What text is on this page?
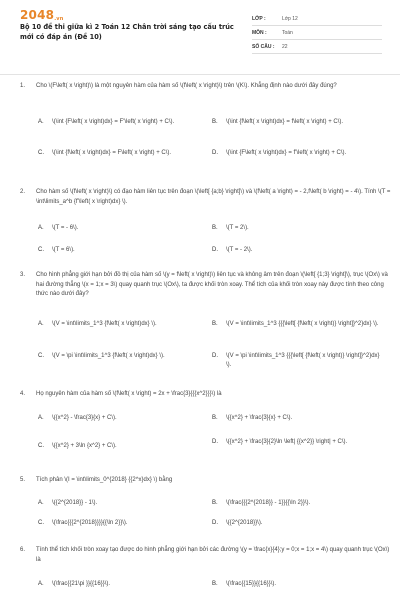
2048.vn
Bộ 10 đề thi giữa kì 2 Toán 12 Chân trời sáng tạo cấu trúc mới có đáp án (Đề 10)
LỚP :	Lớp 12
MÔN :	Toán
SỐ CÂU :	22
1. Cho \(F\left( x \right)\) là một nguyên hàm của hàm số \(f\left( x \right)\) trên \(K\). Khẳng định nào dưới đây đúng?
A. \(\int {F\left( x \right)dx} = F'\left( x \right) + C\).	B. \(\int {f\left( x \right)dx} = f\left( x \right) + C\).
C. \(\int {f\left( x \right)dx} = F\left( x \right) + C\).	D. \(\int {F\left( x \right)dx} = f'\left( x \right) + C\).
2. Cho hàm số \(f\left( x \right)\) có đạo hàm liên tục trên đoạn \(\left[ {a;b} \right]\) và \(f\left( a \right) = - 2,f\left( b \right) = - 4\). Tính \(T = \int\limits_a^b {f'\left( x \right)dx} \).
A. \(T = - 6\).	B. \(T = 2\).
C. \(T = 6\).	D. \(T = - 2\).
3. Cho hình phẳng giới hạn bởi đồ thị của hàm số \(y = f\left( x \right)\) liên tục và không âm trên đoạn \(\left[ {1;3} \right]\), trục \(Ox\) và hai đường thẳng \(x = 1;x = 3\) quay quanh trục \(Ox\), ta được khối tròn xoay. Thể tích của khối tròn xoay này được tính theo công thức nào dưới đây?
A. \(V = \int\limits_1^3 {f\left( x \right)dx} \).	B. \(V = \int\limits_1^3 {{{\left[ {f\left( x \right)} \right]}^2}dx} \).
C. \(V = \pi \int\limits_1^3 {f\left( x \right)dx} \).	D. \(V = \pi \int\limits_1^3 {{{\left[ {f\left( x \right)} \right]}^2}dx} \).
4. Họ nguyên hàm của hàm số \(f\left( x \right) = 2x + \frac{3}{{{x^2}}}\) là
A. \({x^2} - \frac{3}{x} + C\).	B. \({x^2} + \frac{3}{x} + C\).
C. \({x^2} + 3\ln {x^2} + C\).
D. \({x^2} + \frac{3}{2}\ln \left| {{x^2}} \right| + C\).
5. Tích phân \(I = \int\limits_0^{2018} {{2^x}dx} \) bằng
A. \({2^{2018}} - 1\).	B. \(\frac{{{2^{2018}} - 1}}{{\ln 2}}\).
C. \(\frac{{{2^{2018}}}}{{\ln 2}}\).	D. \({2^{2018}}\).
6. Tính thể tích khối tròn xoay tạo được do hình phẳng giới hạn bởi các đường \(y = \frac{x}{4};y = 0;x = 1;x = 4\) quay quanh trục \(Ox\) là
A. \(\frac{{21\pi }}{{16}}\).	B. \(\frac{{15}}{{16}}\).
